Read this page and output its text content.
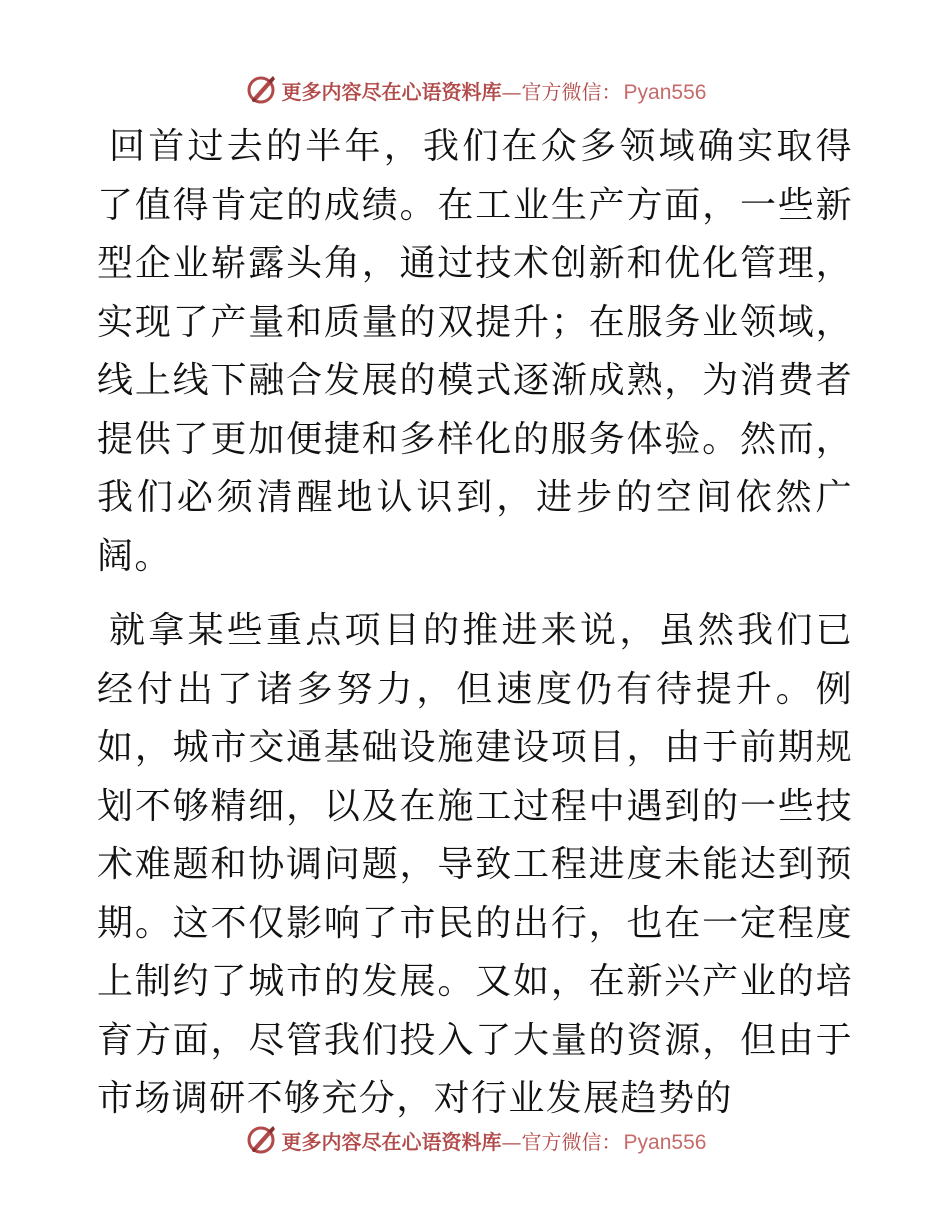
更多内容尽在心语资料库—官方微信：Pyan556

回首过去的半年，我们在众多领域确实取得了值得肯定的成绩。在工业生产方面，一些新型企业崭露头角，通过技术创新和优化管理，实现了产量和质量的双提升；在服务业领域，线上线下融合发展的模式逐渐成熟，为消费者提供了更加便捷和多样化的服务体验。然而，我们必须清醒地认识到，进步的空间依然广阔。

就拿某些重点项目的推进来说，虽然我们已经付出了诸多努力，但速度仍有待提升。例如，城市交通基础设施建设项目，由于前期规划不够精细，以及在施工过程中遇到的一些技术难题和协调问题，导致工程进度未能达到预期。这不仅影响了市民的出行，也在一定程度上制约了城市的发展。又如，在新兴产业的培育方面，尽管我们投入了大量的资源，但由于市场调研不够充分，对行业发展趋势的

更多内容尽在心语资料库—官方微信：Pyan556
